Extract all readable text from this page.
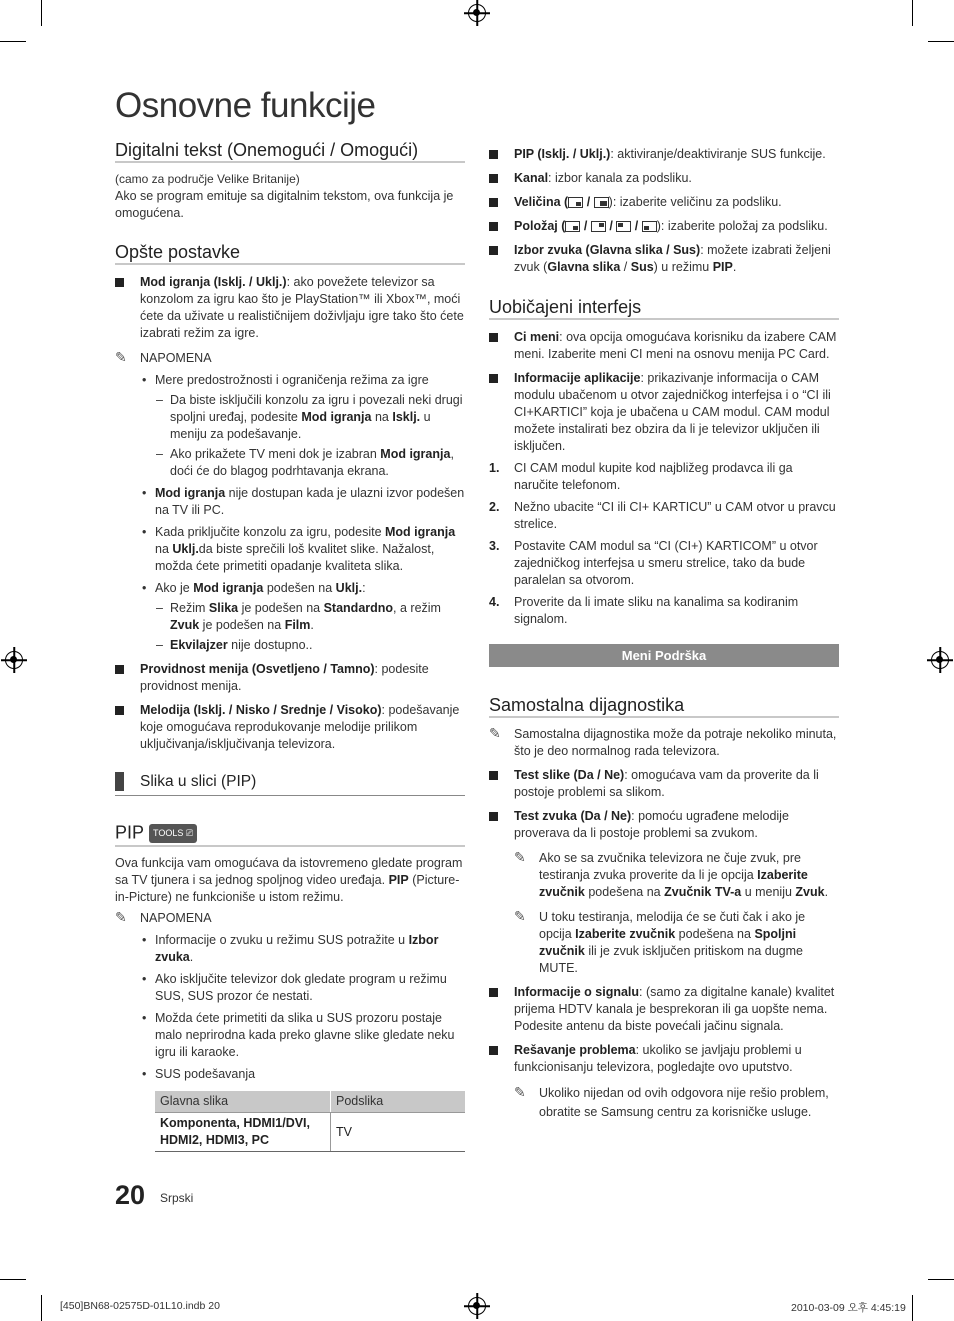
Osnovne funkcije
Digitalni tekst (Onemogući / Omogući)

(camo za područje Velike Britanije)

Ako se program emituje sa digitalnim tekstom, ova funkcija je omogućena.

Opšte postavke
Mod igranja (Isklj. / Uklj.): ako povežete televizor sa konzolom za igru kao što je PlayStation™ ili Xbox™, moći ćete da uživate u realističnijem doživljaju igre tako što ćete izabrati režim za igre.
✎ NAPOMENA
• Mere predostrožnosti i ograničenja režima za igre
– Da biste isključili konzolu za igru i povezali neki drugi spoljni uređaj, podesite Mod igranja na Isklj. u meniju za podešavanje.
– Ako prikažete TV meni dok je izabran Mod igranja, doći će do blagog podrhtavanja ekrana.
• Mod igranja nije dostupan kada je ulazni izvor podešen na TV ili PC.
• Kada priključite konzolu za igru, podesite Mod igranja na Uklj.da biste sprečili loš kvalitet slike. Nažalost, možda ćete primetiti opadanje kvaliteta slika.
• Ako je Mod igranja podešen na Uklj.:
– Režim Slika je podešen na Standardno, a režim Zvuk je podešen na Film.
– Ekvilajzer nije dostupno..
Providnost menija (Osvetljeno / Tamno): podesite providnost menija.
Melodija (Isklj. / Nisko / Srednje / Visoko): podešavanje koje omogućava reprodukovanje melodije prilikom uključivanja/isključivanja televizora.
Slika u slici (PIP)
PIP TOOLS ⎚

Ova funkcija vam omogućava da istovremeno gledate program sa TV tjunera i sa jednog spoljnog video uređaja. PIP (Picture-in-Picture) ne funkcioniše u istom režimu.

✎ NAPOMENA
• Informacije o zvuku u režimu SUS potražite u Izbor zvuka.
• Ako isključite televizor dok gledate program u režimu SUS, SUS prozor će nestati.
• Možda ćete primetiti da slika u SUS prozoru postaje malo neprirodna kada preko glavne slike gledate neku igru ili karaoke.
• SUS podešavanja
Glavna slika	Podslika
Komponenta, HDMI1/DVI, HDMI2, HDMI3, PC	TV
PIP (Isklj. / Uklj.): aktiviranje/deaktiviranje SUS funkcije.
Kanal: izbor kanala za podsliku.
Veličina ( / ): izaberite veličinu za podsliku.
Položaj ( / / / ): izaberite položaj za podsliku.
Izbor zvuka (Glavna slika / Sus): možete izabrati željeni zvuk (Glavna slika / Sus) u režimu PIP.
Uobičajeni interfejs
Ci meni: ova opcija omogućava korisniku da izabere CAM meni. Izaberite meni CI meni na osnovu menija PC Card.
Informacije aplikacije: prikazivanje informacija o CAM modulu ubačenom u otvor zajedničkog interfejsa i o “CI ili CI+KARTICI” koja je ubačena u CAM modul. CAM modul možete instalirati bez obzira da li je televizor uključen ili isključen.
1. CI CAM modul kupite kod najbližeg prodavca ili ga naručite telefonom.
2. Nežno ubacite “CI ili CI+ KARTICU” u CAM otvor u pravcu strelice.
3. Postavite CAM modul sa “CI (CI+) KARTICOM” u otvor zajedničkog interfejsa u smeru strelice, tako da bude paralelan sa otvorom.
4. Proverite da li imate sliku na kanalima sa kodiranim signalom.
Meni Podrška
Samostalna dijagnostika
✎ Samostalna dijagnostika može da potraje nekoliko minuta, što je deo normalnog rada televizora.
Test slike (Da / Ne): omogućava vam da proverite da li postoje problemi sa slikom.
Test zvuka (Da / Ne): pomoću ugrađene melodije proverava da li postoje problemi sa zvukom.
✎ Ako se sa zvučnika televizora ne čuje zvuk, pre testiranja zvuka proverite da li je opcija Izaberite zvučnik podešena na Zvučnik TV-a u meniju Zvuk.
✎ U toku testiranja, melodija će se čuti čak i ako je opcija Izaberite zvučnik podešena na Spoljni zvučnik ili je zvuk isključen pritiskom na dugme MUTE.
Informacije o signalu: (samo za digitalne kanale) kvalitet prijema HDTV kanala je besprekoran ili ga uopšte nema. Podesite antenu da biste povećali jačinu signala.
Rešavanje problema: ukoliko se javljaju problemi u funkcionisanju televizora, pogledajte ovo uputstvo.
✎ Ukoliko nijedan od ovih odgovora nije rešio problem, obratite se Samsung centru za korisničke usluge.
20 Srpski
[450]BN68-02575D-01L10.indb 20	2010-03-09 오후 4:45:19
